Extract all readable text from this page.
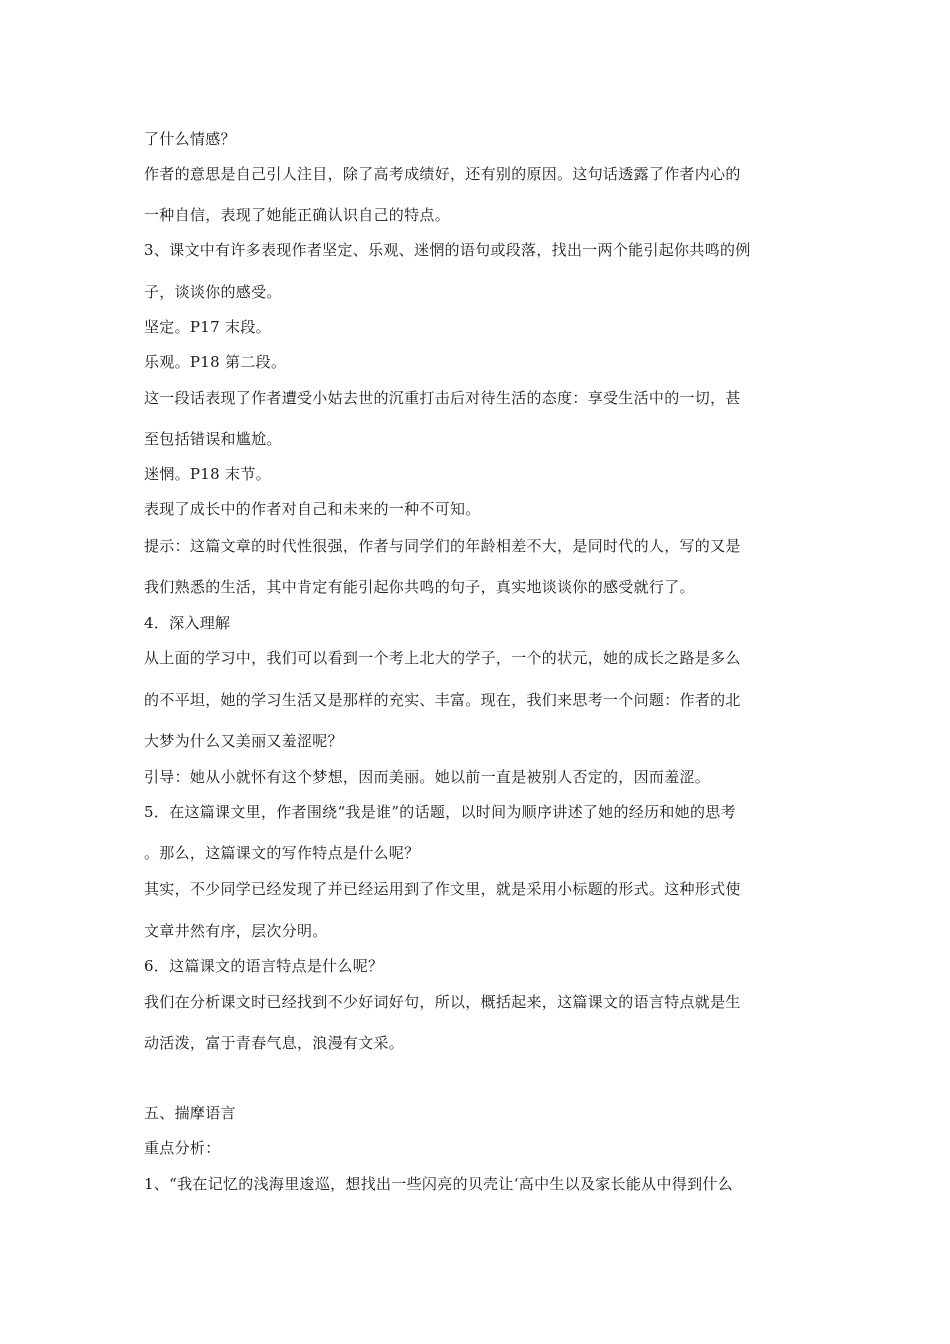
了什么情感？
作者的意思是自己引人注目，除了高考成绩好，还有别的原因。这句话透露了作者内心的
一种自信，表现了她能正确认识自己的特点。
3、课文中有许多表现作者坚定、乐观、迷惘的语句或段落，找出一两个能引起你共鸣的例
子，谈谈你的感受。
坚定。P17 末段。
乐观。P18 第二段。
这一段话表现了作者遭受小姑去世的沉重打击后对待生活的态度：享受生活中的一切，甚
至包括错误和尴尬。
迷惘。P18 末节。
表现了成长中的作者对自己和未来的一种不可知。
提示：这篇文章的时代性很强，作者与同学们的年龄相差不大，是同时代的人，写的又是
我们熟悉的生活，其中肯定有能引起你共鸣的句子，真实地谈谈你的感受就行了。
4．深入理解
从上面的学习中，我们可以看到一个考上北大的学子，一个的状元，她的成长之路是多么
的不平坦，她的学习生活又是那样的充实、丰富。现在，我们来思考一个问题：作者的北
大梦为什么又美丽又羞涩呢？
引导：她从小就怀有这个梦想，因而美丽。她以前一直是被别人否定的，因而羞涩。
5．在这篇课文里，作者围绕“我是谁”的话题，以时间为顺序讲述了她的经历和她的思考
。那么，这篇课文的写作特点是什么呢？
其实，不少同学已经发现了并已经运用到了作文里，就是采用小标题的形式。这种形式使
文章井然有序，层次分明。
6．这篇课文的语言特点是什么呢？
我们在分析课文时已经找到不少好词好句，所以，概括起来，这篇课文的语言特点就是生
动活泼，富于青春气息，浪漫有文采。
五、揣摩语言
重点分析：
1、“我在记忆的浅海里逡巡，想找出一些闪亮的贝壳让‘高中生以及家长能从中得到什么
